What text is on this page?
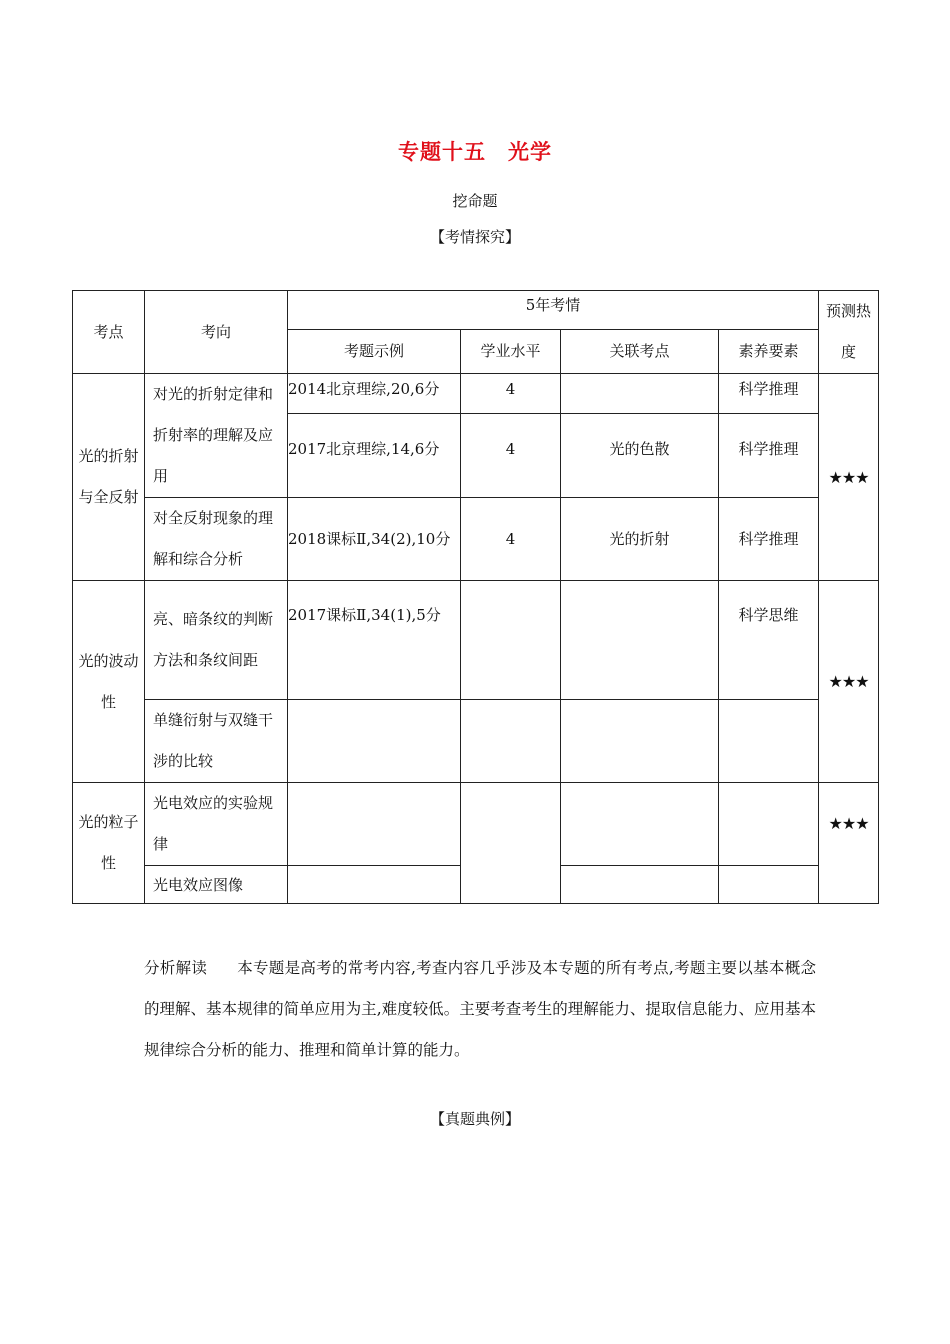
专题十五 光学
挖命题
【考情探究】
考点	考向	5年考情				预测热度
		考题示例	学业水平	关联考点	素养要素	
光的折射与全反射	对光的折射定律和折射率的理解及应用	2014北京理综,20,6分	4		科学推理	★★★
		2017北京理综,14,6分	4	光的色散	科学推理	
	对全反射现象的理解和综合分析	2018课标Ⅱ,34(2),10分	4	光的折射	科学推理	
光的波动性	亮、暗条纹的判断方法和条纹间距	2017课标Ⅱ,34(1),5分			科学思维	★★★
	单缝衍射与双缝干涉的比较					
光的粒子性	光电效应的实验规律					★★★
	光电效应图像					
分析解读 本专题是高考的常考内容,考查内容几乎涉及本专题的所有考点,考题主要以基本概念的理解、基本规律的简单应用为主,难度较低。主要考查考生的理解能力、提取信息能力、应用基本规律综合分析的能力、推理和简单计算的能力。
【真题典例】
